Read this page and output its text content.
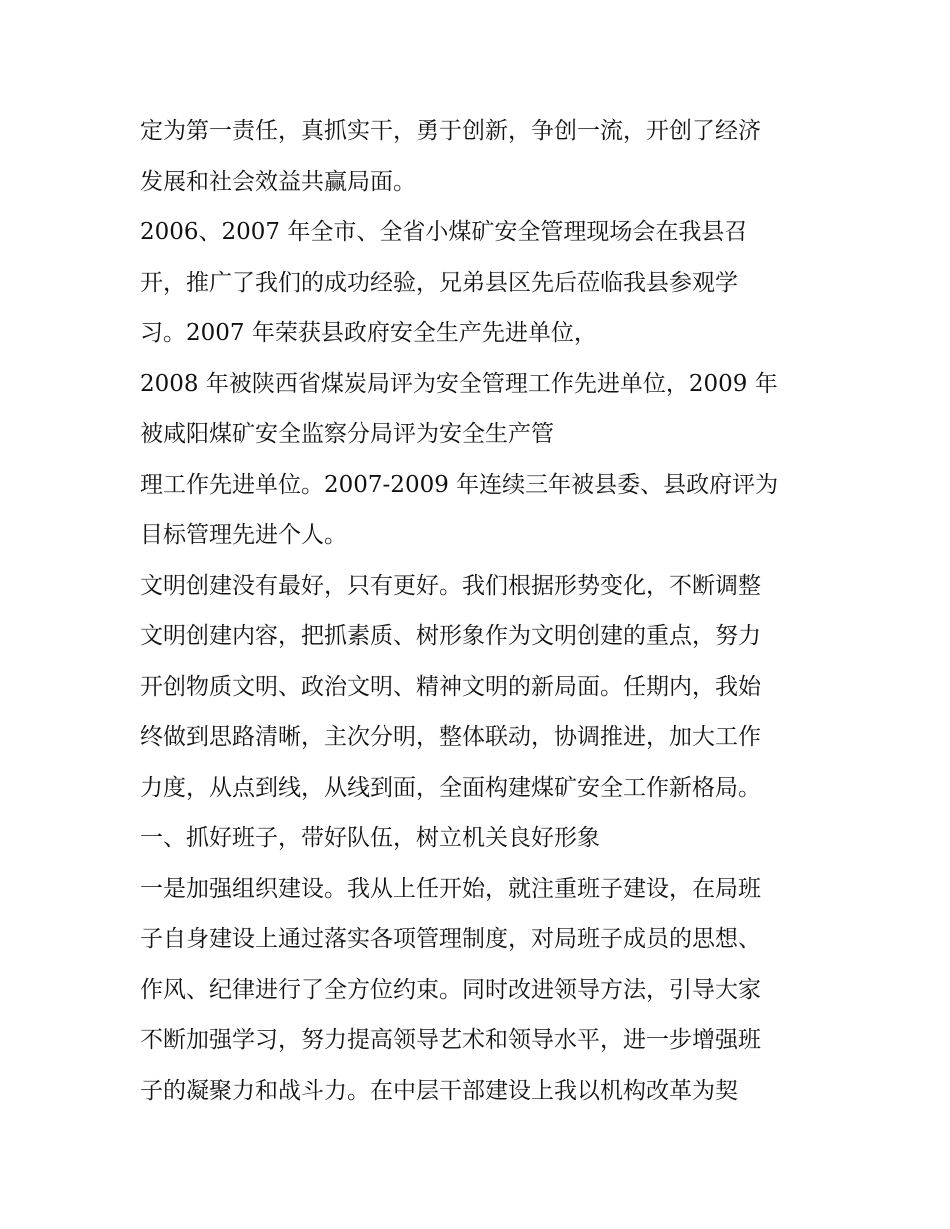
定为第一责任，真抓实干，勇于创新，争创一流，开创了经济

发展和社会效益共赢局面。

2006、2007 年全市、全省小煤矿安全管理现场会在我县召

开，推广了我们的成功经验，兄弟县区先后莅临我县参观学

习。2007 年荣获县政府安全生产先进单位，

2008 年被陕西省煤炭局评为安全管理工作先进单位，2009 年

被咸阳煤矿安全监察分局评为安全生产管

理工作先进单位。2007-2009 年连续三年被县委、县政府评为

目标管理先进个人。

文明创建没有最好，只有更好。我们根据形势变化，不断调整

文明创建内容，把抓素质、树形象作为文明创建的重点，努力

开创物质文明、政治文明、精神文明的新局面。任期内，我始

终做到思路清晰，主次分明，整体联动，协调推进，加大工作

力度，从点到线，从线到面，全面构建煤矿安全工作新格局。

一、抓好班子，带好队伍，树立机关良好形象

一是加强组织建设。我从上任开始，就注重班子建设，在局班

子自身建设上通过落实各项管理制度，对局班子成员的思想、

作风、纪律进行了全方位约束。同时改进领导方法，引导大家

不断加强学习，努力提高领导艺术和领导水平，进一步增强班

子的凝聚力和战斗力。在中层干部建设上我以机构改革为契
